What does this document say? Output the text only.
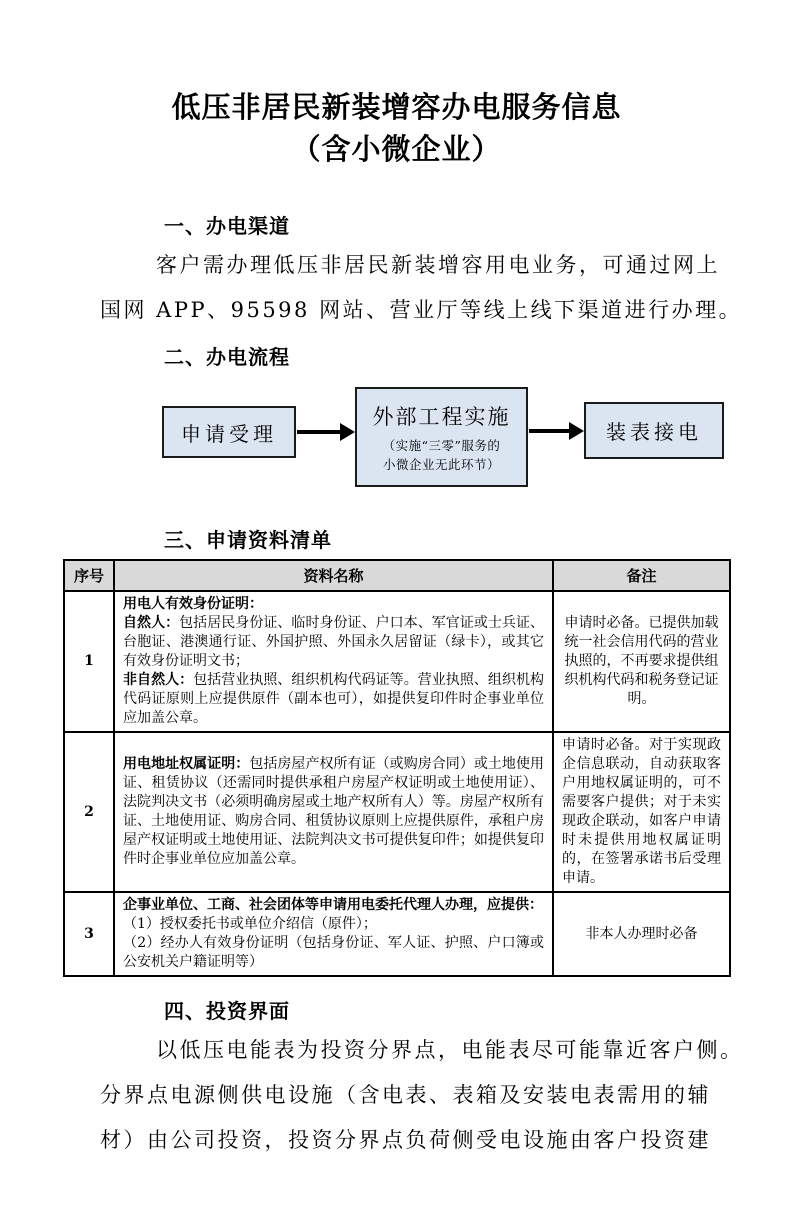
低压非居民新装增容办电服务信息
（含小微企业）
一、办电渠道
客户需办理低压非居民新装增容用电业务，可通过网上
国网 APP、95598 网站、营业厅等线上线下渠道进行办理。
二、办电流程
申请受理
外部工程实施
（实施“三零”服务的
小微企业无此环节）
装表接电
三、申请资料清单
序号	资料名称	备注
1	用电人有效身份证明：
自然人：包括居民身份证、临时身份证、户口本、军官证或士兵证、台胞证、港澳通行证、外国护照、外国永久居留证（绿卡），或其它有效身份证明文书；
非自然人：包括营业执照、组织机构代码证等。营业执照、组织机构代码证原则上应提供原件（副本也可），如提供复印件时企事业单位应加盖公章。	申请时必备。已提供加载统一社会信用代码的营业执照的，不再要求提供组织机构代码和税务登记证明。
2	用电地址权属证明：包括房屋产权所有证（或购房合同）或土地使用证、租赁协议（还需同时提供承租户房屋产权证明或土地使用证）、法院判决文书（必须明确房屋或土地产权所有人）等。房屋产权所有证、土地使用证、购房合同、租赁协议原则上应提供原件，承租户房屋产权证明或土地使用证、法院判决文书可提供复印件；如提供复印件时企事业单位应加盖公章。	申请时必备。对于实现政企信息联动，自动获取客户用地权属证明的，可不需要客户提供；对于未实现政企联动，如客户申请时未提供用地权属证明的，在签署承诺书后受理申请。
3	企事业单位、工商、社会团体等申请用电委托代理人办理，应提供：
（1）授权委托书或单位介绍信（原件）；
（2）经办人有效身份证明（包括身份证、军人证、护照、户口簿或公安机关户籍证明等）	非本人办理时必备
四、投资界面
以低压电能表为投资分界点，电能表尽可能靠近客户侧。
分界点电源侧供电设施（含电表、表箱及安装电表需用的辅
材）由公司投资，投资分界点负荷侧受电设施由客户投资建
